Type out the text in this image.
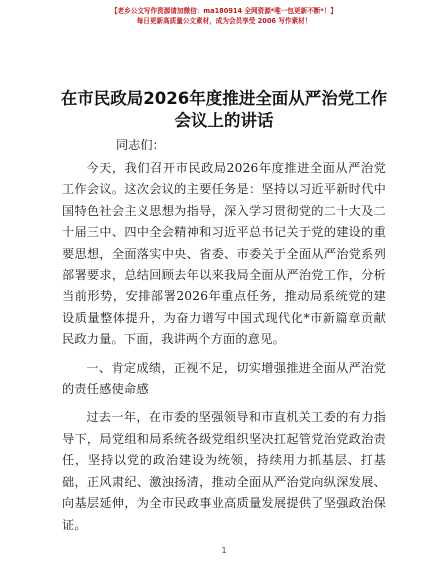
【老乡公文写作资源请加微信：ma180914 全网资源*唯一包更新不断*！】
每日更新高质量公文素材，成为会员享受 2006 写作素材！
在市民政局2026年度推进全面从严治党工作会议上的讲话
同志们：

今天，我们召开市民政局2026年度推进全面从严治党工作会议。这次会议的主要任务是：坚持以习近平新时代中国特色社会主义思想为指导，深入学习贯彻党的二十大及二十届三中、四中全会精神和习近平总书记关于党的建设的重要思想，全面落实中央、省委、市委关于全面从严治党系列部署要求，总结回顾去年以来我局全面从严治党工作，分析当前形势，安排部署2026年重点任务，推动局系统党的建设质量整体提升，为奋力谱写中国式现代化*市新篇章贡献民政力量。下面，我讲两个方面的意见。

一、肯定成绩，正视不足，切实增强推进全面从严治党的责任感使命感

过去一年，在市委的坚强领导和市直机关工委的有力指导下，局党组和局系统各级党组织坚决扛起管党治党政治责任，坚持以党的政治建设为统领，持续用力抓基层、打基础，正风肃纪、激浊扬清，推动全面从严治党向纵深发展、向基层延伸，为全市民政事业高质量发展提供了坚强政治保证。

1
